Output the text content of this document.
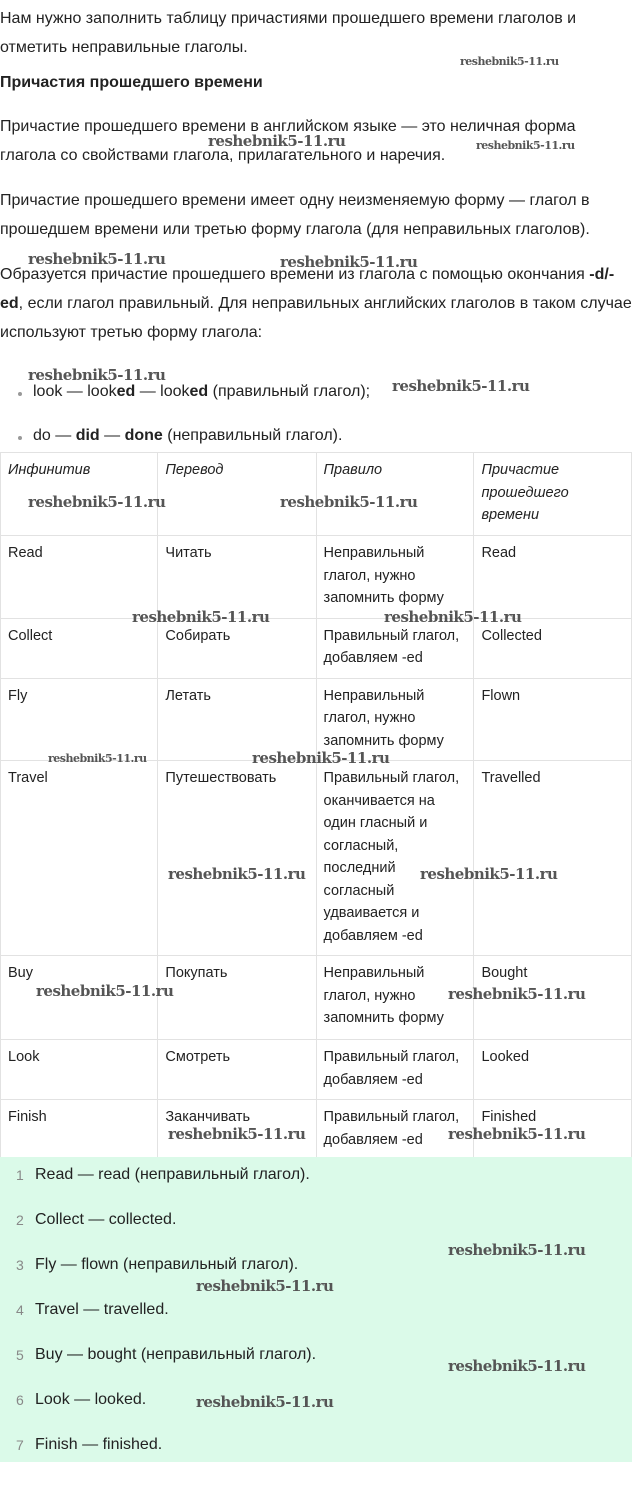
Нам нужно заполнить таблицу причастиями прошедшего времени глаголов и отметить неправильные глаголы.

Причастия прошедшего времени

Причастие прошедшего времени в английском языке — это неличная форма глагола со свойствами глагола, прилагательного и наречия.

Причастие прошедшего времени имеет одну неизменяемую форму — глагол в прошедшем времени или третью форму глагола (для неправильных глаголов).

Образуется причастие прошедшего времени из глагола с помощью окончания -d/-ed, если глагол правильный. Для неправильных английских глаголов в таком случае используют третью форму глагола:

look — looked — looked (правильный глагол);
do — did — done (неправильный глагол).
Инфинитив	Перевод	Правило	Причастие прошедшего времени
Read	Читать	Неправильный глагол, нужно запомнить форму	Read
Collect	Собирать	Правильный глагол, добавляем -ed	Collected
Fly	Летать	Неправильный глагол, нужно запомнить форму	Flown
Travel	Путешествовать	Правильный глагол, оканчивается на один гласный и согласный, последний согласный удваивается и добавляем -ed	Travelled
Buy	Покупать	Неправильный глагол, нужно запомнить форму	Bought
Look	Смотреть	Правильный глагол, добавляем -ed	Looked
Finish	Заканчивать	Правильный глагол, добавляем -ed	Finished
1 Read — read (неправильный глагол).
2 Collect — collected.
3 Fly — flown (неправильный глагол).
4 Travel — travelled.
5 Buy — bought (неправильный глагол).
6 Look — looked.
7 Finish — finished.
reshebnik5-11.ru
reshebnik5-11.ru	reshebnik5-11.ru
reshebnik5-11.ru	reshebnik5-11.ru
reshebnik5-11.ru
reshebnik5-11.ru
reshebnik5-11.ru	reshebnik5-11.ru
reshebnik5-11.ru	reshebnik5-11.ru
reshebnik5-11.ru	reshebnik5-11.ru
reshebnik5-11.ru	reshebnik5-11.ru
reshebnik5-11.ru	reshebnik5-11.ru
reshebnik5-11.ru	reshebnik5-11.ru
reshebnik5-11.ru
reshebnik5-11.ru
reshebnik5-11.ru
reshebnik5-11.ru
